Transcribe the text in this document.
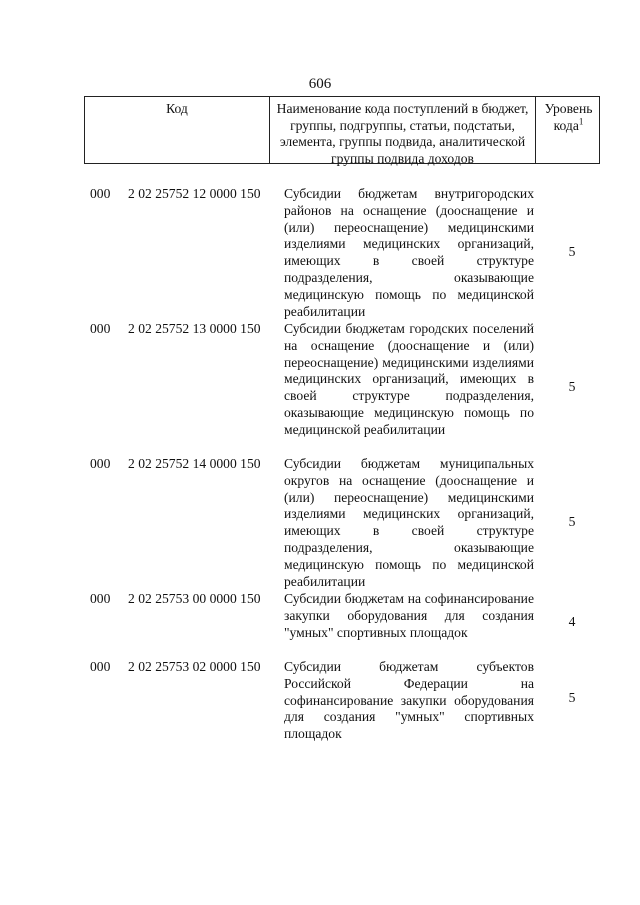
606
Код	Наименование кода поступлений в бюджет, группы, подгруппы, статьи, подстатьи, элемента, группы подвида, аналитической группы подвида доходов
Уровень кода$^1$
000 2 02 25752 12 0000 150 Субсидии бюджетам внутригородских районов на оснащение (дооснащение и (или) переоснащение) медицинскими изделиями медицинских организаций, имеющих в своей структуре подразделения, оказывающие медицинскую помощь по медицинской реабилитации
5
000 2 02 25752 13 0000 150 Субсидии бюджетам городских поселений на оснащение (дооснащение и (или) переоснащение) медицинскими изделиями медицинских организаций, имеющих в своей структуре подразделения, оказывающие медицинскую помощь по медицинской реабилитации
5
000 2 02 25752 14 0000 150 Субсидии бюджетам муниципальных округов на оснащение (дооснащение и (или) переоснащение) медицинскими изделиями медицинских организаций, имеющих в своей структуре подразделения, оказывающие медицинскую помощь по медицинской реабилитации
5
000 2 02 25753 00 0000 150 Субсидии бюджетам на софинансирование закупки оборудования для создания "умных" спортивных площадок
4
000 2 02 25753 02 0000 150 Субсидии бюджетам субъектов Российской Федерации на софинансирование закупки оборудования для создания "умных" спортивных площадок
5
